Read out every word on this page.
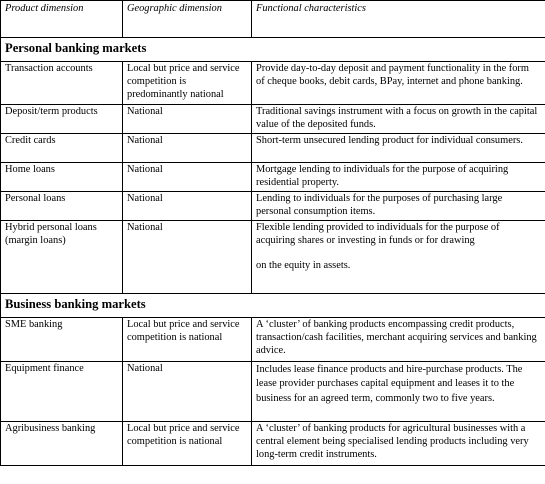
Product dimension	Geographic dimension	Functional characteristics
Personal banking markets		
Transaction accounts	Local but price and service competition is predominantly national	Provide day-to-day deposit and payment functionality in the form of cheque books, debit cards, BPay, internet and phone banking.
Deposit/term products	National	Traditional savings instrument with a focus on growth in the capital value of the deposited funds.
Credit cards	National	Short-term unsecured lending product for individual consumers.
Home loans	National	Mortgage lending to individuals for the purpose of acquiring residential property.
Personal loans	National	Lending to individuals for the purposes of purchasing large personal consumption items.
Hybrid personal loans (margin loans)	National	Flexible lending provided to individuals for the purpose of acquiring shares or investing in funds or for drawing
on the equity in assets.
Business banking markets		
SME banking	Local but price and service competition is national	A ‘cluster’ of banking products encompassing credit products, transaction/cash facilities, merchant acquiring services and banking advice.
Equipment finance	National	Includes lease finance products and hire-purchase products. The lease provider purchases capital equipment and leases it to the business for an agreed term, commonly two to five years.
Agribusiness banking	Local but price and service competition is national	A ‘cluster’ of banking products for agricultural businesses with a central element being specialised lending products including very long-term credit instruments.
